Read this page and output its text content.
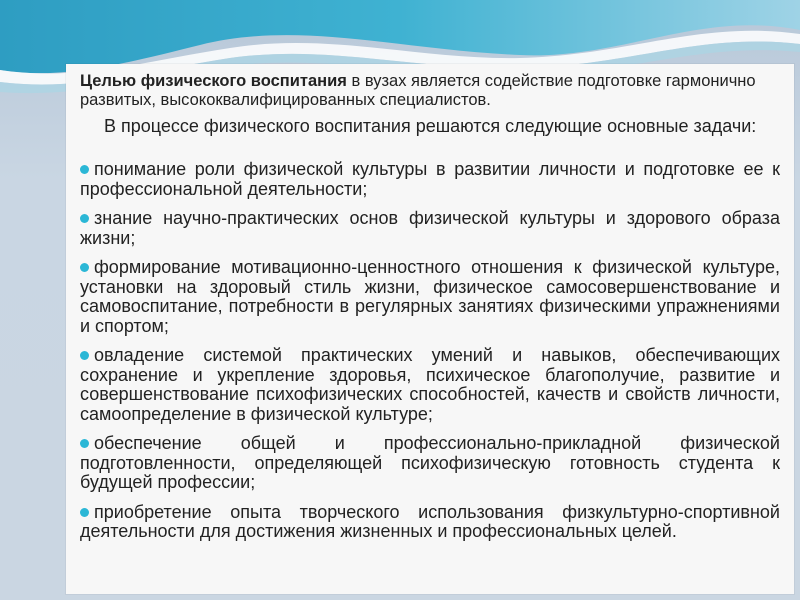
Целью физического воспитания в вузах является содействие подготовке гармонично развитых, высококвалифицированных специалистов.
В процессе физического воспитания решаются следующие основные задачи:
понимание роли физической культуры в развитии личности и подготовке ее к профессиональной деятельности;
знание научно-практических основ физической культуры и здорового образа жизни;
формирование мотивационно-ценностного отношения к физической культуре, установки на здоровый стиль жизни, физическое самосовершенствование и самовоспитание, потребности в регулярных занятиях физическими упражнениями и спортом;
овладение системой практических умений и навыков, обеспечивающих сохранение и укрепление здоровья, психическое благополучие, развитие и совершенствование психофизических способностей, качеств и свойств личности, самоопределение в физической культуре;
обеспечение общей и профессионально-прикладной физической подготовленности, определяющей психофизическую готовность студента к будущей профессии;
приобретение опыта творческого использования физкультурно-спортивной деятельности для достижения жизненных и профессиональных целей.
